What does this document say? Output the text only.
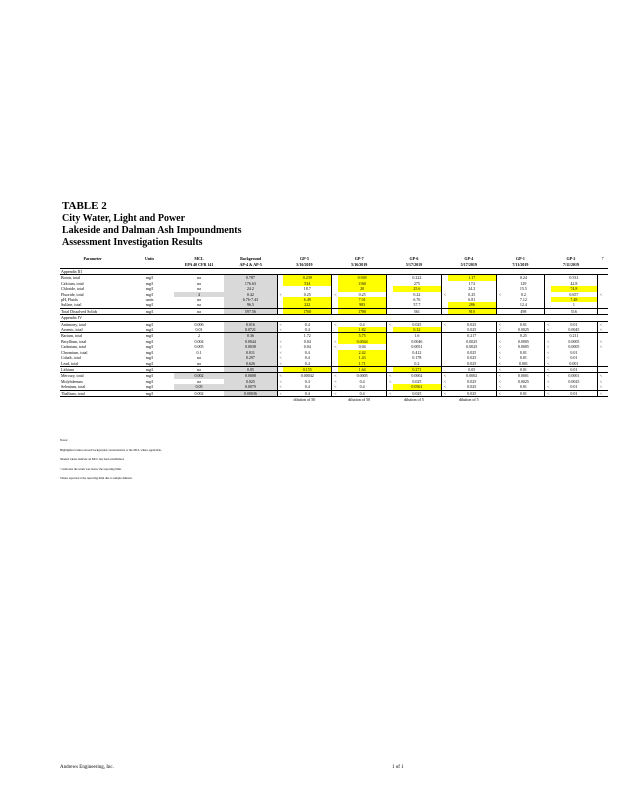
TABLE 2
City Water, Light and Power
Lakeside and Dalman Ash Impoundments
Assessment Investigation Results
Parameter	Units	MCL	Background	GP-5		GP-7		GP-6		GP-4		GP-1		GP-2		7	
		EPA 40 CFR 141	AP-4 & AP-5	5/16/2019		5/16/2019		5/17/2019		5/17/2019		7/11/2019		7/11/2019			
Appendix III																	
Boron, total	mg/l	na	0.787		0.239		0.949		0.222		1.17		0.24		0.531		
Calcium, total	mg/l	na	176.63		534		1160		275		174		129		42.8		
Chloride, total	mg/l	na	24.2		18.7		20		25.6		24.2		15.5		74.8		
Fluoride, total	mg/l	4	0.42	<	0.25	<	0.25		0.22	<	0.25	<	0.2		0.657	<	
pH, Fluids	units	na	6.76-7.43		6.49		7.01		6.76		6.81		7.12		7.48		
Sulfate, total	mg/l	na	96.5		222		983		57.7		286		12.4		1		
Total Dissolved Solids	mg/l	na	597.56		1760		1780		561		910		498		516		
Appendix IV																	
Antimony, total	mg/l	0.006	0.016	<	0.4	<	0.4	<	0.025	<	0.025	<	0.01	<	0.01	<	
Arsenic, total	mg/l	0.01	0.0721	<	0.4		1.82		0.12		0.025	<	0.0025	<	0.0045	<	
Barium, total	mg/l	2	0.36		1.72		5.75		1.6		0.217		0.25		0.211		
Beryllium, total	mg/l	0.004	0.0044	<	0.04	<	0.0044		0.0046		0.0025	<	0.0005	<	0.0005	<	
Cadmium, total	mg/l	0.005	0.0038	<	0.04	<	0.04		0.0051		0.0025	<	0.0005	<	0.0005	<	
Chromium, total	mg/l	0.1	0.011	<	0.4		2.42		0.412		0.025	<	0.01	<	0.01		
Cobalt, total	mg/l	na	0.297	<	0.4		1.43		0.178		0.025	<	0.01	<	0.01		
Lead, total	mg/l	na	0.626	<	0.4		1.71		0.2		0.025	<	0.001	<	0.001		
Lithium	mg/l	na	0.05		0.155		1.64		0.271		0.05	<	0.01	<	0.01		
Mercury, total	mg/l	0.002	0.0008	<	0.00042	<	0.0005	<	0.0002	<	0.0002	<	0.0001	<	0.0001	<	
Molybdenum	mg/l	na	0.025	<	0.4	<	0.4	<	0.025	<	0.025	<	0.0025	<	0.0025	<	
Selenium, total	mg/l	0.05	0.0079	<	0.4	<	0.4		0.0561	<	0.025	<	0.01	<	0.01	<	
Thallium, total	mg/l	0.002	0.00036	<	0.4	<	0.4	<	0.025	<	0.025	<	0.01	<	0.01	<	
				dilution of 50		dilution of 50		dilution of 5		dilution of 5							
Notes:
Highlighted values exceed background concentrations or the MCL where applicable.
Shaded values indicate an MCL has been established.
< indicates the result was below the reporting limit.
Values reported at the reporting limit due to sample dilution.
Andrews Engineering, Inc.	1 of 1
